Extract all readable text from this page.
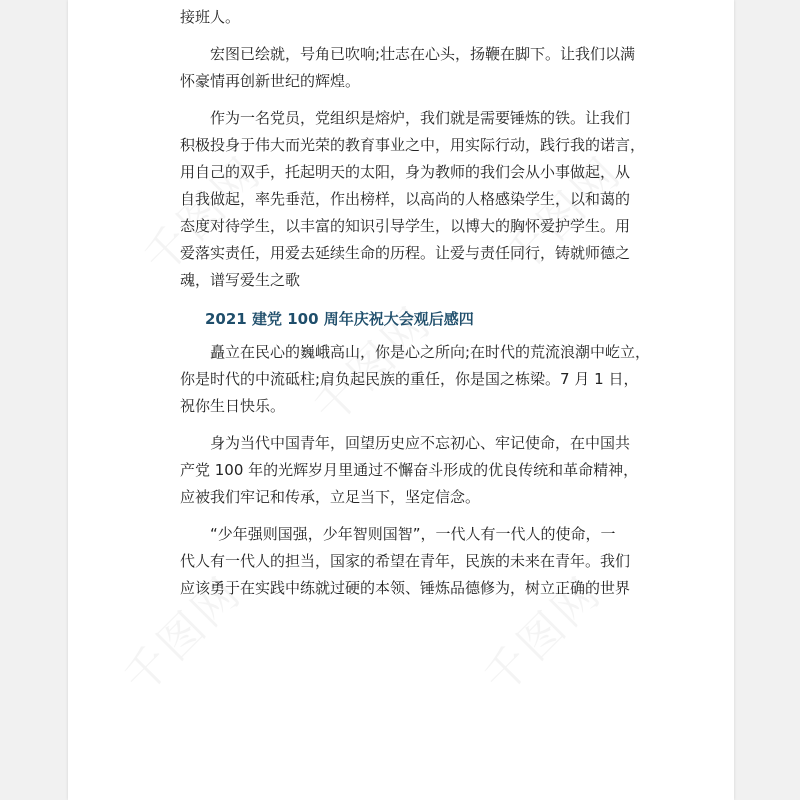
接班人。

宏图已绘就，号角已吹响;壮志在心头，扬鞭在脚下。让我们以满
怀豪情再创新世纪的辉煌。

作为一名党员，党组织是熔炉，我们就是需要锤炼的铁。让我们
积极投身于伟大而光荣的教育事业之中，用实际行动，践行我的诺言，
用自己的双手，托起明天的太阳，身为教师的我们会从小事做起，从
自我做起，率先垂范，作出榜样，以高尚的人格感染学生，以和蔼的
态度对待学生，以丰富的知识引导学生，以博大的胸怀爱护学生。用
爱落实责任，用爱去延续生命的历程。让爱与责任同行，铸就师德之
魂，谱写爱生之歌

2021 建党 100 周年庆祝大会观后感四

矗立在民心的巍峨高山，你是心之所向;在时代的荒流浪潮中屹立，
你是时代的中流砥柱;肩负起民族的重任，你是国之栋梁。7 月 1 日，
祝你生日快乐。

身为当代中国青年，回望历史应不忘初心、牢记使命，在中国共
产党 100 年的光辉岁月里通过不懈奋斗形成的优良传统和革命精神，
应被我们牢记和传承，立足当下，坚定信念。

“少年强则国强，少年智则国智”，一代人有一代人的使命，一
代人有一代人的担当，国家的希望在青年，民族的未来在青年。我们
应该勇于在实践中练就过硬的本领、锤炼品德修为，树立正确的世界
